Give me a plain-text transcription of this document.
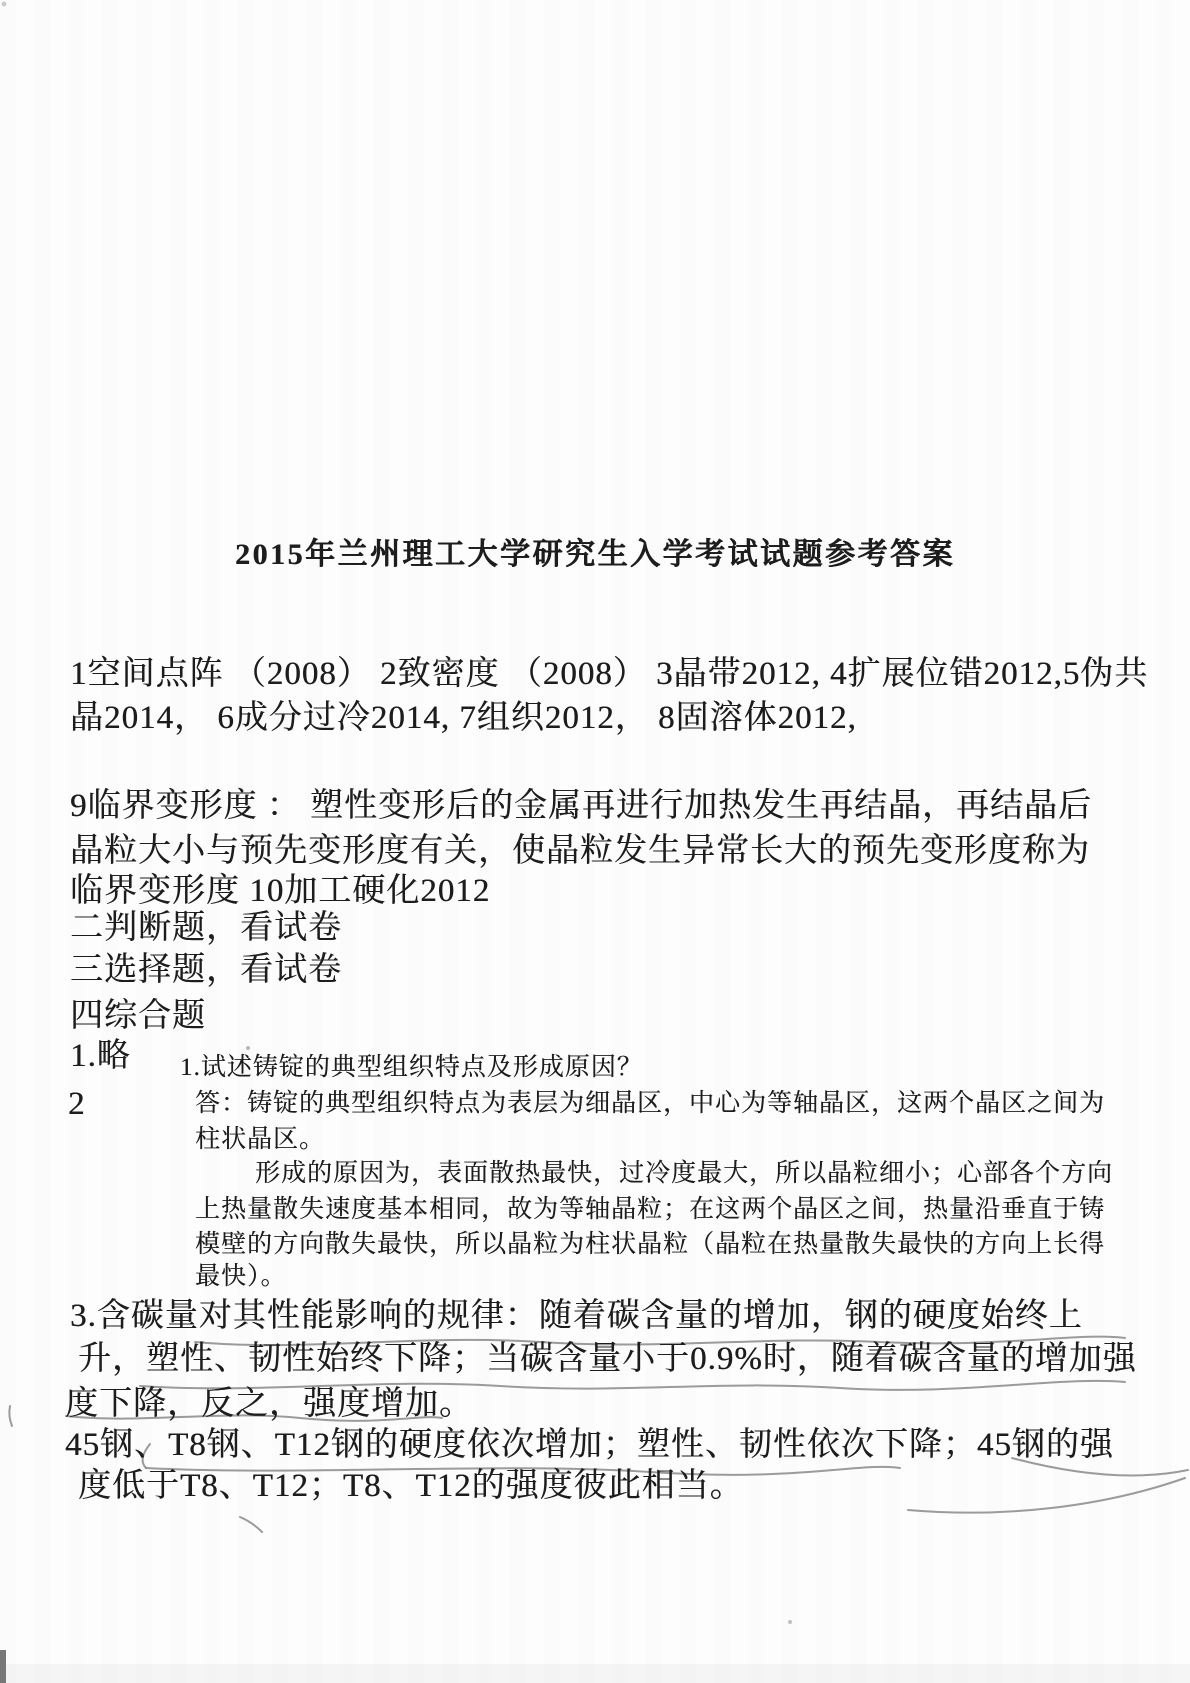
2015年兰州理工大学研究生入学考试试题参考答案
1空间点阵 （2008） 2致密度 （2008） 3晶带2012, 4扩展位错2012,5伪共
晶2014， 6成分过冷2014, 7组织2012， 8固溶体2012,
9临界变形度 ： 塑性变形后的金属再进行加热发生再结晶，再结晶后
晶粒大小与预先变形度有关，使晶粒发生异常长大的预先变形度称为
临界变形度 10加工硬化2012
二判断题，看试卷
三选择题，看试卷
四综合题
1.略 1.试述铸锭的典型组织特点及形成原因？
2	答：铸锭的典型组织特点为表层为细晶区，中心为等轴晶区，这两个晶区之间为
柱状晶区。
形成的原因为，表面散热最快，过冷度最大，所以晶粒细小；心部各个方向
上热量散失速度基本相同，故为等轴晶粒；在这两个晶区之间，热量沿垂直于铸
模壁的方向散失最快，所以晶粒为柱状晶粒（晶粒在热量散失最快的方向上长得
最快）。
3.含碳量对其性能影响的规律：随着碳含量的增加，钢的硬度始终上
升，塑性、韧性始终下降；当碳含量小于0.9%时，随着碳含量的增加强
度下降，反之，强度增加。
45钢、T8钢、T12钢的硬度依次增加；塑性、韧性依次下降；45钢的强
度低于T8、T12；T8、T12的强度彼此相当。
